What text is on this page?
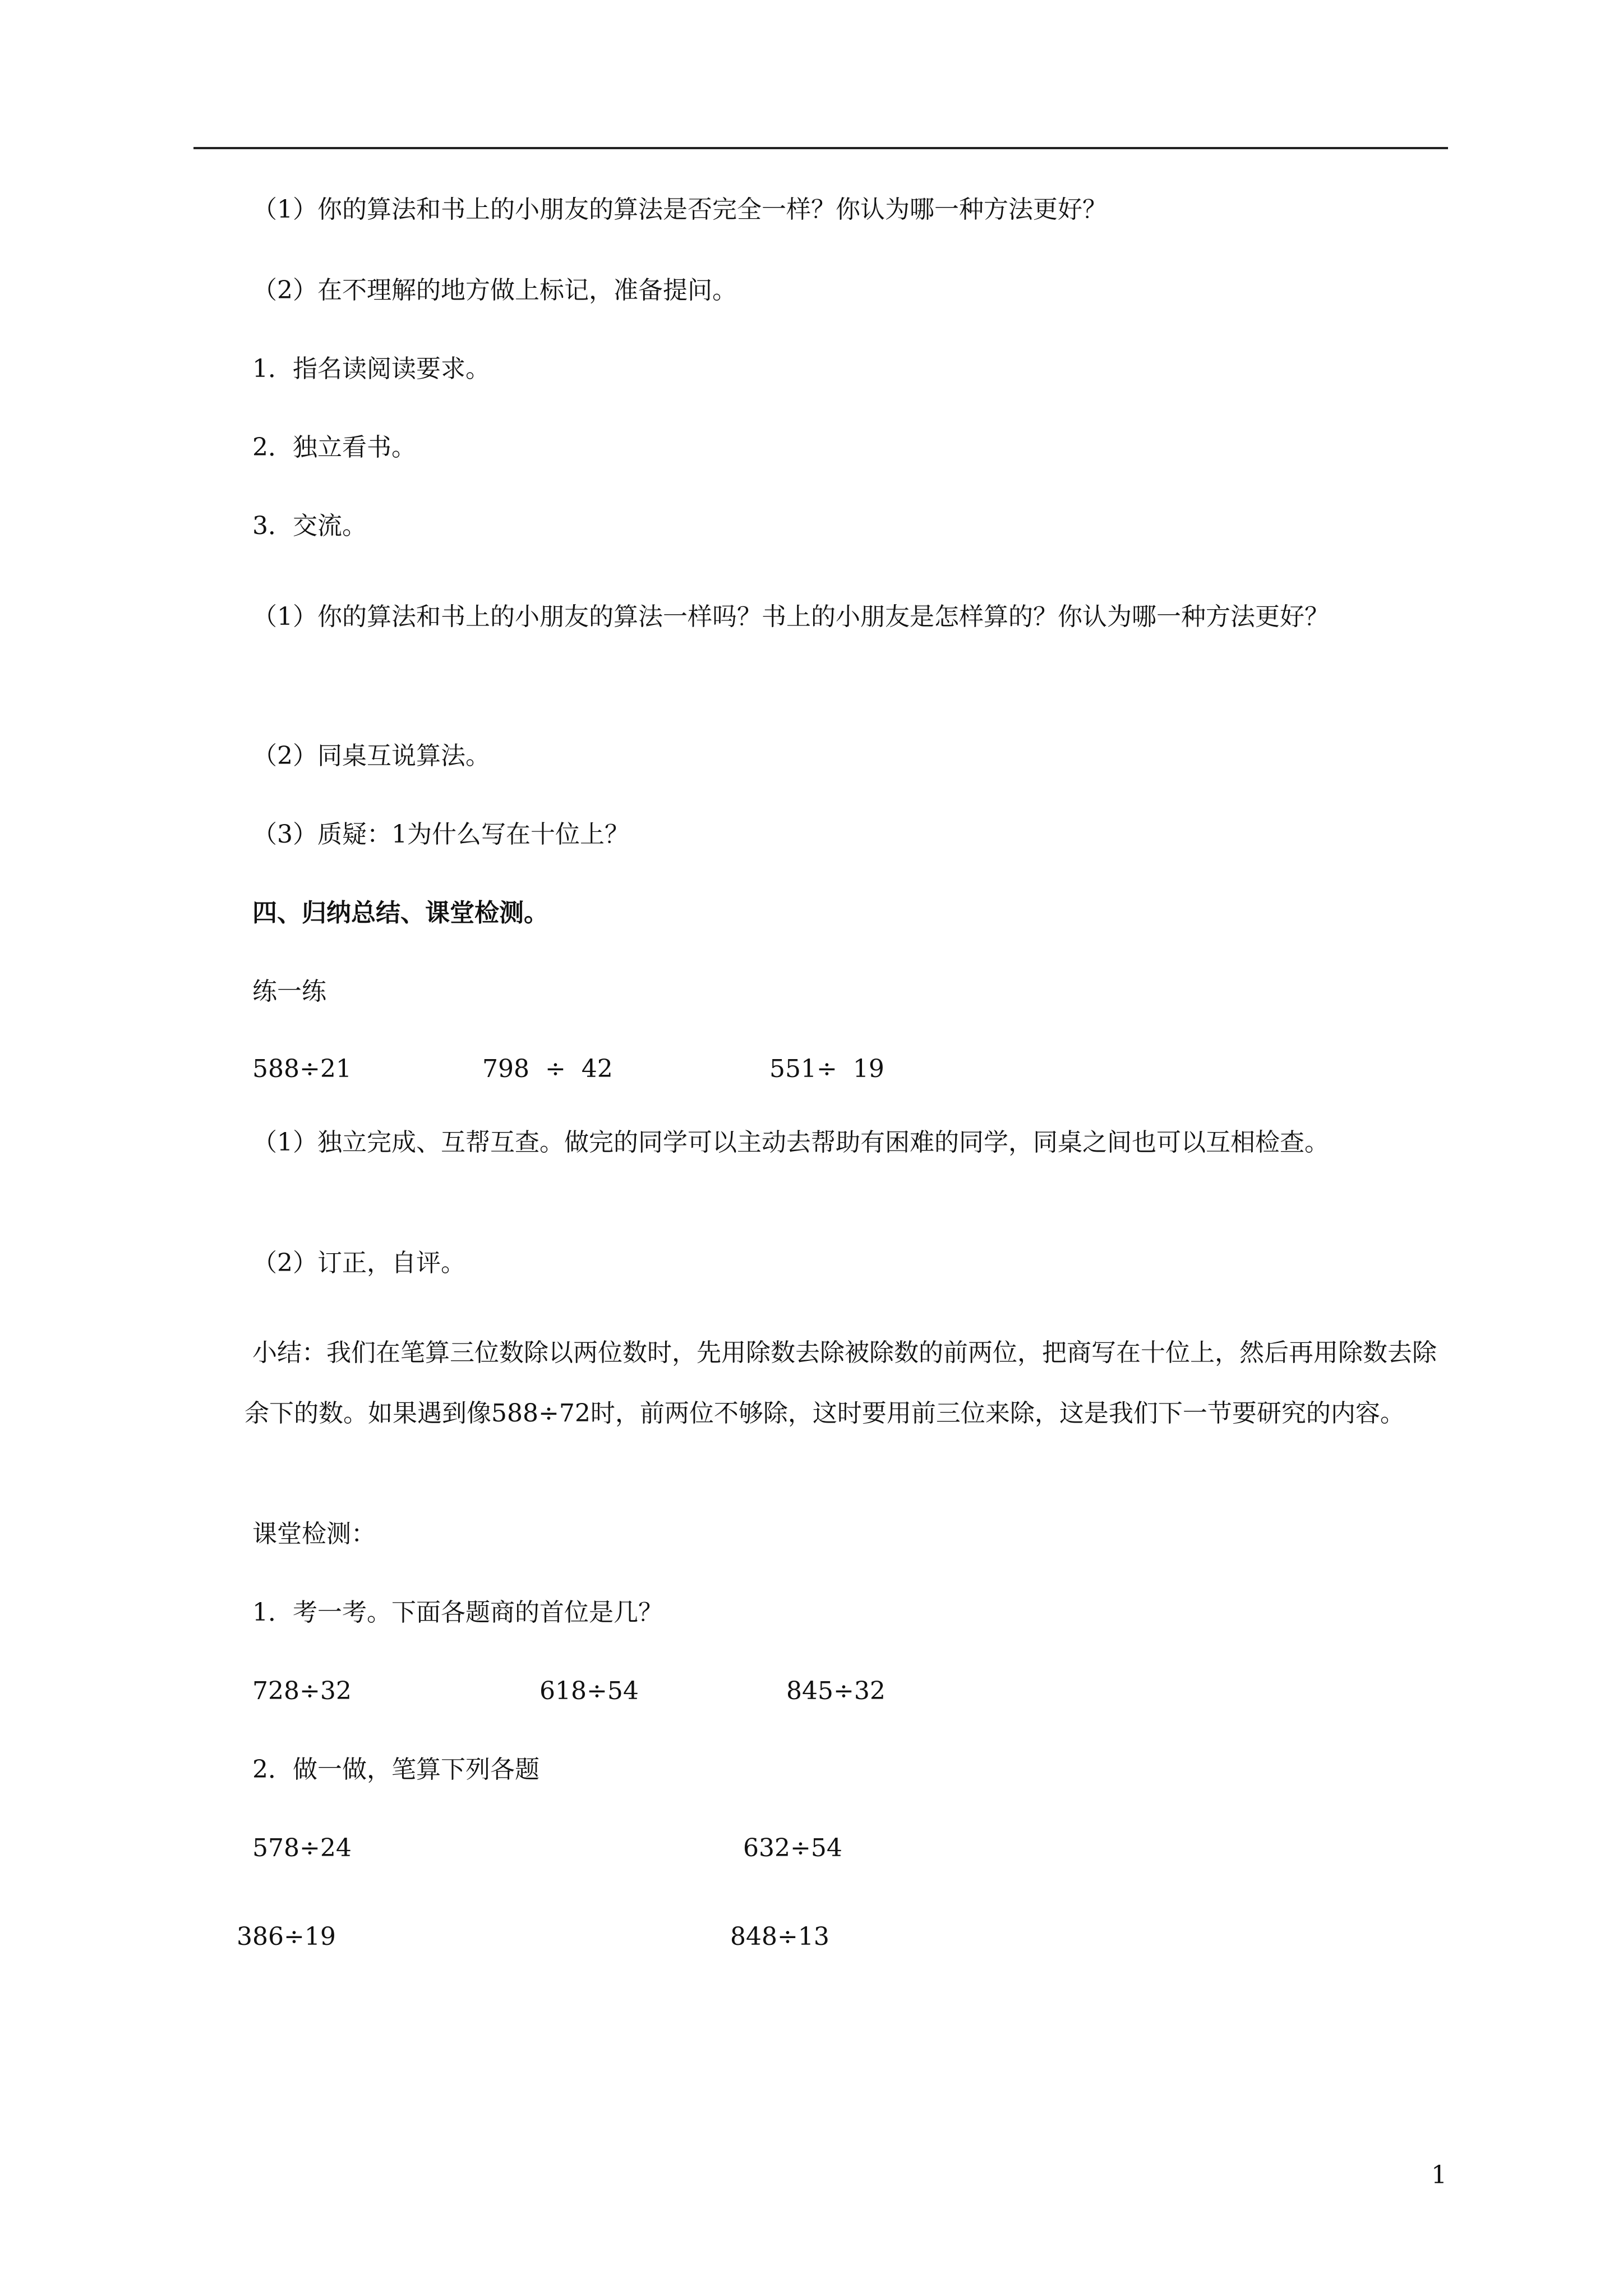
（1）你的算法和书上的小朋友的算法是否完全一样？你认为哪一种方法更好？
（2）在不理解的地方做上标记，准备提问。
1．指名读阅读要求。
2．独立看书。
3．交流。
（1）你的算法和书上的小朋友的算法一样吗？书上的小朋友是怎样算的？你认为哪一种方法更好？
（2）同桌互说算法。
（3）质疑：1为什么写在十位上？
四、归纳总结、课堂检测。
练一练
588÷21	798  ÷  42	551÷  19
（1）独立完成、互帮互查。做完的同学可以主动去帮助有困难的同学，同桌之间也可以互相检查。
（2）订正，自评。
小结：我们在笔算三位数除以两位数时，先用除数去除被除数的前两位，把商写在十位上，然后再用除数去除余下的数。如果遇到像588÷72时，前两位不够除，这时要用前三位来除，这是我们下一节要研究的内容。
课堂检测：
1．考一考。下面各题商的首位是几？
728÷32	618÷54	845÷32
2．做一做，笔算下列各题
578÷24	632÷54
386÷19	848÷13
1
